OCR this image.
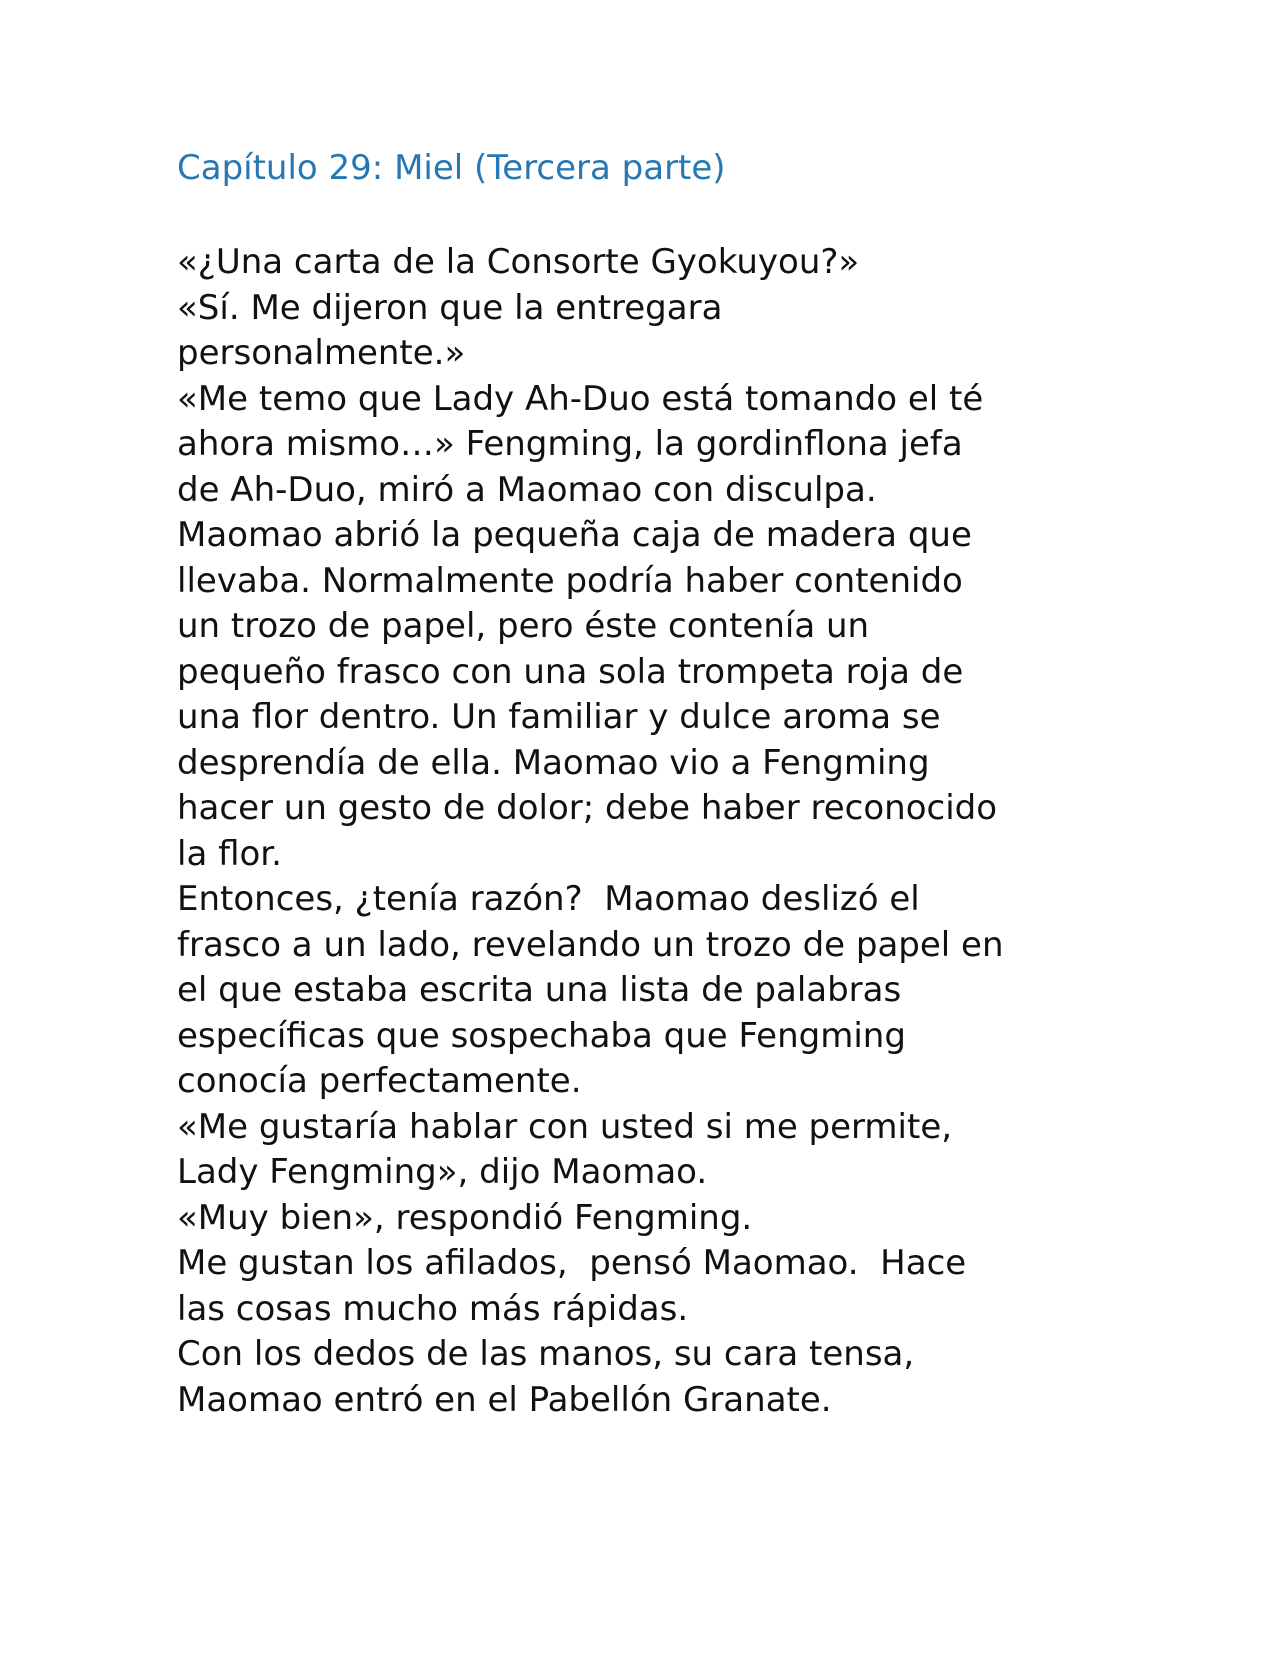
Capítulo 29: Miel (Tercera parte)
«¿Una carta de la Consorte Gyokuyou?»
«Sí. Me dijeron que la entregara
personalmente.»
«Me temo que Lady Ah-Duo está tomando el té
ahora mismo…» Fengming, la gordinflona jefa
de Ah-Duo, miró a Maomao con disculpa.
Maomao abrió la pequeña caja de madera que
llevaba. Normalmente podría haber contenido
un trozo de papel, pero éste contenía un
pequeño frasco con una sola trompeta roja de
una flor dentro. Un familiar y dulce aroma se
desprendía de ella. Maomao vio a Fengming
hacer un gesto de dolor; debe haber reconocido
la flor.
Entonces, ¿tenía razón?  Maomao deslizó el
frasco a un lado, revelando un trozo de papel en
el que estaba escrita una lista de palabras
específicas que sospechaba que Fengming
conocía perfectamente.
«Me gustaría hablar con usted si me permite,
Lady Fengming», dijo Maomao.
«Muy bien», respondió Fengming.
Me gustan los afilados,  pensó Maomao.  Hace
las cosas mucho más rápidas.
Con los dedos de las manos, su cara tensa,
Maomao entró en el Pabellón Granate.
